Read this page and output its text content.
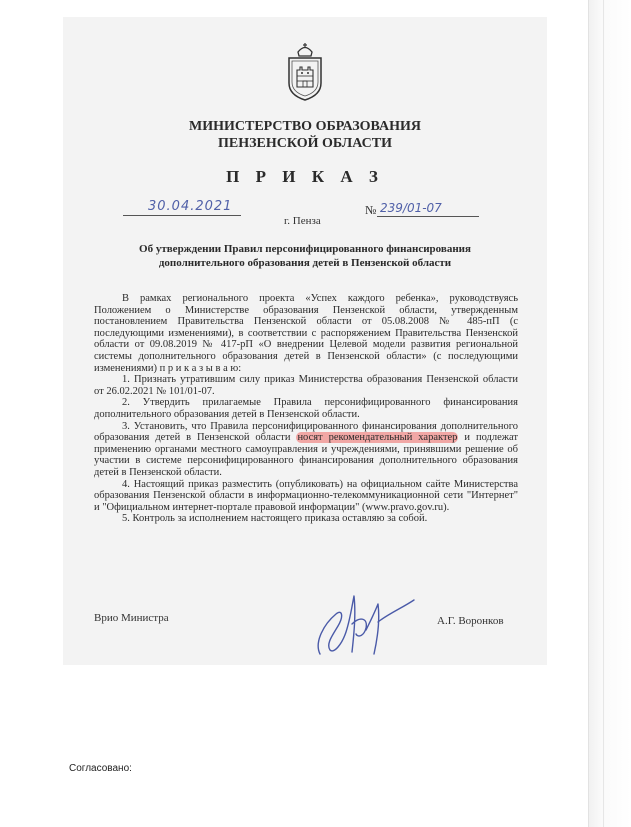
МИНИСТЕРСТВО ОБРАЗОВАНИЯ
ПЕНЗЕНСКОЙ ОБЛАСТИ
П Р И К А З
30.04.2021
г. Пенза
№ 239/01-07
Об утверждении Правил персонифицированного финансирования
дополнительного образования детей в Пензенской области

В рамках регионального проекта «Успех каждого ребенка», руководствуясь Положением о Министерстве образования Пензенской области, утвержденным постановлением Правительства Пензенской области от 05.08.2008 № 485-пП (с последующими изменениями), в соответствии с распоряжением Правительства Пензенской области от 09.08.2019 № 417-рП «О внедрении Целевой модели развития региональной системы дополнительного образования детей в Пензенской области» (с последующими изменениями) п р и к а з ы в а ю:

1. Признать утратившим силу приказ Министерства образования Пензенской области от 26.02.2021 № 101/01-07.

2. Утвердить прилагаемые Правила персонифицированного финансирования дополнительного образования детей в Пензенской области.

3. Установить, что Правила персонифицированного финансирования дополнительного образования детей в Пензенской области носят рекомендательный характер и подлежат применению органами местного самоуправления и учреждениями, принявшими решение об участии в системе персонифицированного финансирования дополнительного образования детей в Пензенской области.

4. Настоящий приказ разместить (опубликовать) на официальном сайте Министерства образования Пензенской области в информационно-телекоммуникационной сети "Интернет" и "Официальном интернет-портале правовой информации" (www.pravo.gov.ru).

5. Контроль за исполнением настоящего приказа оставляю за собой.

Врио Министра	А.Г. Воронков
Согласовано:
